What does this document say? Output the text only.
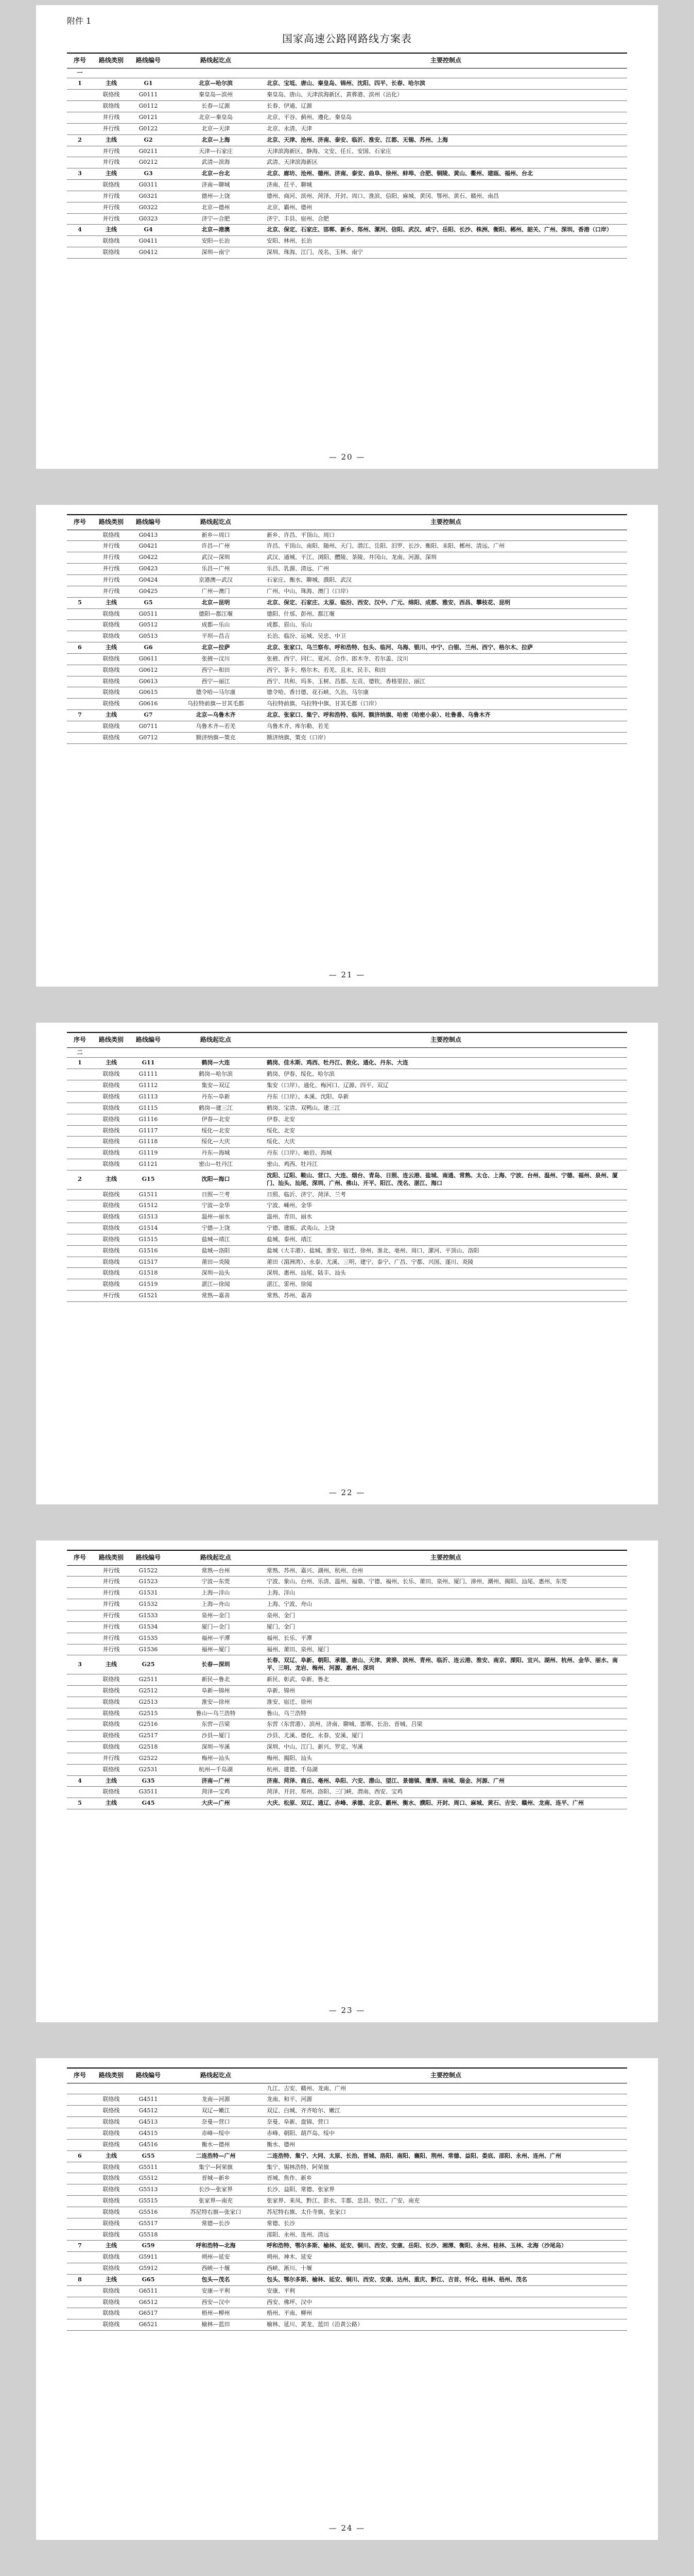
附件 1
国家高速公路网路线方案表
序号	路线类别	路线编号	路线起讫点	主要控制点
一				
1	主线	G1	北京—哈尔滨	北京、宝坻、唐山、秦皇岛、锦州、沈阳、四平、长春、哈尔滨
	联络线	G0111	秦皇岛—滨州	秦皇岛、唐山、天津滨海新区、黄骅港、滨州（沾化）
	联络线	G0112	长春—辽源	长春、伊通、辽源
	并行线	G0121	北京—秦皇岛	北京、平谷、蓟州、遵化、秦皇岛
	并行线	G0122	北京—天津	北京、永清、天津
2	主线	G2	北京—上海	北京、天津、沧州、济南、泰安、临沂、淮安、江都、无锡、苏州、上海
	并行线	G0211	天津—石家庄	天津滨海新区、静海、文安、任丘、安国、石家庄
	并行线	G0212	武清—滨海	武清、天津滨海新区
3	主线	G3	北京—台北	北京、廊坊、沧州、德州、济南、泰安、曲阜、徐州、蚌埠、合肥、铜陵、黄山、衢州、建瓯、福州、台北
	联络线	G0311	济南—聊城	济南、茌平、聊城
	并行线	G0321	德州—上饶	德州、商河、滨州、菏泽、开封、周口、淮滨、信阳、麻城、黄冈、鄂州、黄石、赣州、南昌
	并行线	G0322	北京—德州	北京、霸州、德州
	并行线	G0323	济宁—合肥	济宁、丰县、宿州、合肥
4	主线	G4	北京—港澳	北京、保定、石家庄、邯郸、新乡、郑州、漯河、信阳、武汉、咸宁、岳阳、长沙、株洲、衡阳、郴州、韶关、广州、深圳、香港（口岸）
	联络线	G0411	安阳—长治	安阳、林州、长治
	联络线	G0412	深圳—南宁	深圳、珠海、江门、茂名、玉林、南宁
— 20 —
序号	路线类别	路线编号	路线起讫点	主要控制点
	联络线	G0413	新乡—周口	新乡、许昌、平顶山、周口
	并行线	G0421	许昌—广州	许昌、平顶山、南阳、随州、天门、潜江、岳阳、汨罗、长沙、衡阳、耒阳、郴州、清远、广州
	并行线	G0422	武汉—深圳	武汉、通城、平江、浏阳、醴陵、茶陵、井冈山、龙南、河源、深圳
	并行线	G0423	乐昌—广州	乐昌、乳源、清远、广州
	并行线	G0424	京港澳—武汉	石家庄、衡水、聊城、濮阳、武汉
	并行线	G0425	广州—澳门	广州、中山、珠海、澳门（口岸）
5	主线	G5	北京—昆明	北京、保定、石家庄、太原、临汾、西安、汉中、广元、绵阳、成都、雅安、西昌、攀枝花、昆明
	联络线	G0511	德阳—都江堰	德阳、什邡、彭州、都江堰
	联络线	G0512	成都—乐山	成都、眉山、乐山
	联络线	G0513	平坝—昌吉	长治、临汾、运城、吴忠、中卫
6	主线	G6	北京—拉萨	北京、张家口、乌兰察布、呼和浩特、包头、临河、乌海、银川、中宁、白银、兰州、西宁、格尔木、拉萨
	联络线	G0611	张掖—汶川	张掖、西宁、同仁、夏河、合作、郎木寺、若尔盖、汶川
	联络线	G0612	西宁—和田	西宁、茶卡、格尔木、若羌、且末、民丰、和田
	联络线	G0613	西宁—丽江	西宁、共和、玛多、玉树、昌都、左贡、德钦、香格里拉、丽江
	联络线	G0615	德令哈—马尔康	德令哈、香日德、花石峡、久治、马尔康
	联络线	G0616	乌拉特前旗—甘其毛都	乌拉特前旗、乌拉特中旗、甘其毛都（口岸）
7	主线	G7	北京—乌鲁木齐	北京、张家口、集宁、呼和浩特、临河、额济纳旗、哈密（哈密小泉）、吐鲁番、乌鲁木齐
	联络线	G0711	乌鲁木齐—若羌	乌鲁木齐、库尔勒、若羌
	联络线	G0712	额济纳旗—策克	额济纳旗、策克（口岸）
— 21 —
序号	路线类别	路线编号	路线起讫点	主要控制点
二				
1	主线	G11	鹤岗—大连	鹤岗、佳木斯、鸡西、牡丹江、敦化、通化、丹东、大连
	联络线	G1111	鹤岗—哈尔滨	鹤岗、伊春、绥化、哈尔滨
	联络线	G1112	集安—双辽	集安（口岸）、通化、梅河口、辽源、四平、双辽
	联络线	G1113	丹东—阜新	丹东（口岸）、本溪、沈阳、阜新
	联络线	G1115	鹤岗—建三江	鹤岗、宝清、双鸭山、建三江
	联络线	G1116	伊春—北安	伊春、北安
	联络线	G1117	绥化—北安	绥化、北安
	联络线	G1118	绥化—大庆	绥化、大庆
	联络线	G1119	丹东—海城	丹东（口岸）、岫岩、海城
	联络线	G1121	密山—牡丹江	密山、鸡西、牡丹江
2	主线	G15	沈阳—海口	沈阳、辽阳、鞍山、营口、大连、烟台、青岛、日照、连云港、盐城、南通、常熟、太仓、上海、宁波、台州、温州、宁德、福州、泉州、厦门、汕头、汕尾、深圳、广州、佛山、开平、阳江、茂名、湛江、海口
	联络线	G1511	日照—兰考	日照、临沂、济宁、菏泽、兰考
	联络线	G1512	宁波—金华	宁波、嵊州、金华
	联络线	G1513	温州—丽水	温州、青田、丽水
	联络线	G1514	宁德—上饶	宁德、建瓯、武夷山、上饶
	联络线	G1515	盐城—靖江	盐城、泰州、靖江
	联络线	G1516	盐城—洛阳	盐城（大丰港）、盐城、淮安、宿迁、徐州、淮北、亳州、周口、漯河、平顶山、洛阳
	联络线	G1517	莆田—炎陵	莆田（湄洲湾）、永泰、尤溪、三明、建宁、泰宁、广昌、宁都、兴国、遂川、炎陵
	联络线	G1518	深圳—汕头	深圳、惠州、汕尾、陆丰、汕头
	联络线	G1519	湛江—徐闻	湛江、雷州、徐闻
	并行线	G1521	常熟—嘉善	常熟、苏州、嘉善
— 22 —
序号	路线类别	路线编号	路线起讫点	主要控制点
	并行线	G1522	常熟—台州	常熟、苏州、嘉兴、湖州、杭州、台州
	并行线	G1523	宁波—东莞	宁波、象山、台州、乐清、温州、福鼎、宁德、福州、长乐、莆田、泉州、厦门、漳州、潮州、揭阳、汕尾、惠州、东莞
	并行线	G1531	上海—洋山	上海、洋山
	并行线	G1532	上海—舟山	上海、宁波、舟山
	并行线	G1533	泉州—金门	泉州、金门
	并行线	G1534	厦门—金门	厦门、金门
	并行线	G1535	福州—平潭	福州、长乐、平潭
	并行线	G1536	福州—厦门	福州、莆田、泉州、厦门
3	主线	G25	长春—深圳	长春、双辽、阜新、朝阳、承德、唐山、天津、黄骅、滨州、青州、临沂、连云港、淮安、南京、溧阳、宜兴、湖州、杭州、金华、丽水、南平、三明、龙岩、梅州、河源、惠州、深圳
	联络线	G2511	新民—鲁北	新民、彰武、阜新、鲁北
	联络线	G2512	阜新—锦州	阜新、锦州
	联络线	G2513	淮安—徐州	淮安、宿迁、徐州
	联络线	G2515	鲁山—乌兰浩特	鲁山、乌兰浩特
	联络线	G2516	东营—吕梁	东营（东营港）、滨州、济南、聊城、邯郸、长治、晋城、吕梁
	联络线	G2517	沙县—厦门	沙县、尤溪、德化、永春、安溪、厦门
	联络线	G2518	深圳—岑溪	深圳、中山、江门、新兴、罗定、岑溪
	并行线	G2522	梅州—汕头	梅州、揭阳、汕头
	联络线	G2531	杭州—千岛湖	杭州、建德、千岛湖
4	主线	G35	济南—广州	济南、菏泽、商丘、亳州、阜阳、六安、潜山、望江、景德镇、鹰潭、南城、瑞金、河源、广州
	联络线	G3511	菏泽—宝鸡	菏泽、开封、郑州、洛阳、三门峡、渭南、西安、宝鸡
5	主线	G45	大庆—广州	大庆、松原、双辽、通辽、赤峰、承德、北京、霸州、衡水、濮阳、开封、周口、麻城、黄石、吉安、赣州、龙南、连平、广州
— 23 —
序号	路线类别	路线编号	路线起讫点	主要控制点
				九江、吉安、赣州、龙南、广州
	联络线	G4511	龙南—河源	龙南、和平、河源
	联络线	G4512	双辽—嫩江	双辽、白城、齐齐哈尔、嫩江
	联络线	G4513	奈曼—营口	奈曼、阜新、盘锦、营口
	联络线	G4515	赤峰—绥中	赤峰、朝阳、葫芦岛、绥中
	联络线	G4516	衡水—德州	衡水、德州
6	主线	G55	二连浩特—广州	二连浩特、集宁、大同、太原、长治、晋城、洛阳、南阳、襄阳、荆州、常德、益阳、娄底、邵阳、永州、连州、广州
	联络线	G5511	集宁—阿荣旗	集宁、锡林浩特、阿荣旗
	联络线	G5512	晋城—新乡	晋城、焦作、新乡
	联络线	G5513	长沙—张家界	长沙、益阳、常德、张家界
	联络线	G5515	张家界—南充	张家界、来凤、黔江、彭水、丰都、忠县、垫江、广安、南充
	联络线	G5516	苏尼特右旗—张家口	苏尼特右旗、太仆寺旗、张家口
	联络线	G5517	常德—长沙	常德、长沙
	联络线	G5518		邵阳、永州、连州、清远
7	主线	G59	呼和浩特—北海	呼和浩特、鄂尔多斯、榆林、延安、铜川、西安、安康、岳阳、长沙、湘潭、衡阳、永州、桂林、玉林、北海（沙尾岛）
	联络线	G5911	朔州—延安	朔州、神木、延安
	联络线	G5912	西峡—十堰	西峡、淅川、十堰
8	主线	G65	包头—茂名	包头、鄂尔多斯、榆林、延安、铜川、西安、安康、达州、重庆、黔江、吉首、怀化、桂林、梧州、茂名
	联络线	G6511	安康—平利	安康、平利
	联络线	G6512	西安—汉中	西安、佛坪、汉中
	联络线	G6517	梧州—柳州	梧州、平南、柳州
	联络线	G6521	榆林—蓝田	榆林、延川、黄龙、蓝田（沿黄公路）
— 24 —
